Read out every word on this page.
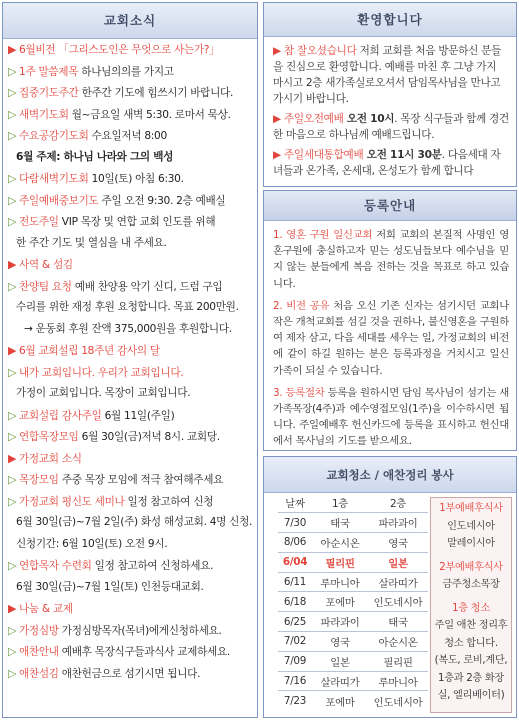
교회소식
▶ 6월비전 「그리스도인은 무엇으로 사는가?」
▷ 1주 말씀제목 하나님의의를 가지고
▷ 집중기도주간 한주간 기도에 힘쓰시기 바랍니다.
▷ 새벽기도회 월~금요일 새벽 5:30. 로마서 묵상.
▷ 수요공감기도회 수요일저녁 8:00
6월 주제: 하나님 나라와 그의 백성
▷ 다람새벽기도회 10일(토) 아침 6:30.
▷ 주일예배중보기도 주일 오전 9:30. 2층 예배실
▷ 전도주일 VIP 목장 및 연합 교회 인도를 위해
한 주간 기도 및 열심을 내 주세요.
▶ 사역 & 섬김
▷ 찬양팀 요청 예배 찬양용 악기 신디, 드럼 구입
수리를 위한 재정 후원 요청합니다. 목표 200만원.
→ 운동회 후원 잔액 375,000원을 후원합니다.
▶ 6월 교회설립 18주년 감사의 달
▷ 내가 교회입니다. 우리가 교회입니다.
가정이 교회입니다. 목장이 교회입니다.
▷ 교회설립 감사주일 6월 11일(주일)
▷ 연합목장모임 6월 30일(금)저녁 8시. 교회당.
▶ 가정교회 소식
▷ 목장모임 주중 목장 모임에 적극 참여해주세요
▷ 가정교회 평신도 세미나 일정 참고하여 신청
6월 30일(금)~7월 2일(주) 화성 해성교회. 4명 신청.
신청기간: 6월 10일(토) 오전 9시.
▷ 연합목자 수련회 일정 참고하여 신청하세요.
6월 30일(금)~7월 1일(토) 인천등대교회.
▶ 나눔 & 교제
▷ 가정심방 가정심방목자(목녀)에게신청하세요.
▷ 애찬안내 예배후 목장식구들과식사 교제하세요.
▷ 애찬섬김 애찬헌금으로 섬기시면 됩니다.
환영합니다

▶ 참 잘오셨습니다 저희 교회를 처음 방문하신 분들을 진심으로 환영합니다. 예배를 마친 후 그냥 가지 마시고 2층 새가족실로오셔서 담임목사님을 만나고 가시기 바랍니다.

▶ 주일오전예배 오전 10시. 목장 식구들과 함께 경건한 마음으로 하나님께 예배드립니다.

▶ 주일세대통합예배 오전 11시 30분. 다음세대 자녀들과 온가족, 온세대, 온성도가 함께 합니다

등록안내

1. 영혼 구원 일신교회 저희 교회의 본질적 사명인 영혼구원에 충실하고자 믿는 성도님들보다 예수님을 믿지 않는 분들에게 복음 전하는 것을 목표로 하고 있습니다.

2. 비전 공유 처음 오신 기존 신자는 섬기시던 교회나 작은 개척교회를 섬길 것을 권하나, 불신영혼을 구원하여 제자 삼고, 다음 세대를 세우는 일, 가정교회의 비전에 같이 하길 원하는 분은 등록과정을 거치시고 일신 가족이 되실 수 있습니다.

3. 등록절차 등록을 원하시면 담임 목사님이 섬기는 새가족목장(4주)과 예수영접모임(1주)을 이수하시면 됩니다. 주일예배후 헌신카드에 등록을 표시하고 헌신대에서 목사님의 기도를 받으세요.

교회청소 / 애찬정리 봉사
날짜	1층	2층
7/30	태국	파라과이
8/06	아순시온	영국
6/04	필리핀	일본
6/11	루마니아	살라띠가
6/18	포에마	인도네시아
6/25	파라과이	태국
7/02	영국	아순시온
7/09	일본	필리핀
7/16	살라띠가	루마니아
7/23	포에마	인도네시아
1부예배후식사
인도네시아
말레이시아
2부예배후식사
금주청소목장
1층 청소
주일 애찬 정리후 청소 합니다.
(복도, 로비,계단, 1층과 2층 화장실, 엘리베이터)
